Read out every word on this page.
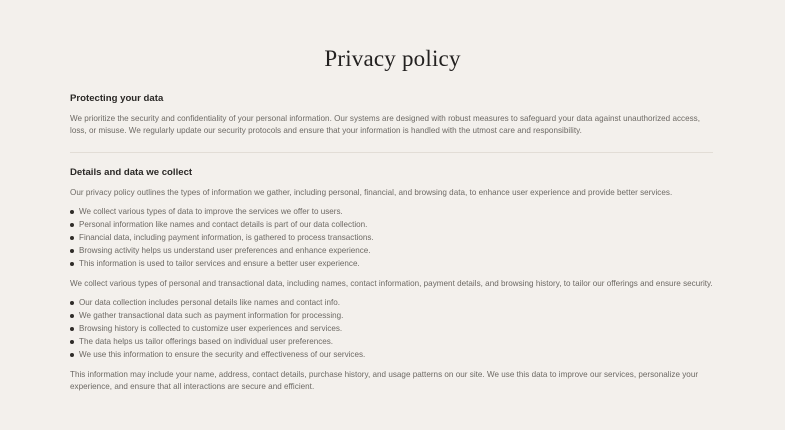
Privacy policy
Protecting your data

We prioritize the security and confidentiality of your personal information. Our systems are designed with robust measures to safeguard your data against unauthorized access, loss, or misuse. We regularly update our security protocols and ensure that your information is handled with the utmost care and responsibility.

Details and data we collect

Our privacy policy outlines the types of information we gather, including personal, financial, and browsing data, to enhance user experience and provide better services.

We collect various types of data to improve the services we offer to users.
Personal information like names and contact details is part of our data collection.
Financial data, including payment information, is gathered to process transactions.
Browsing activity helps us understand user preferences and enhance experience.
This information is used to tailor services and ensure a better user experience.

We collect various types of personal and transactional data, including names, contact information, payment details, and browsing history, to tailor our offerings and ensure security.

Our data collection includes personal details like names and contact info.
We gather transactional data such as payment information for processing.
Browsing history is collected to customize user experiences and services.
The data helps us tailor offerings based on individual user preferences.
We use this information to ensure the security and effectiveness of our services.

This information may include your name, address, contact details, purchase history, and usage patterns on our site. We use this data to improve our services, personalize your experience, and ensure that all interactions are secure and efficient.
